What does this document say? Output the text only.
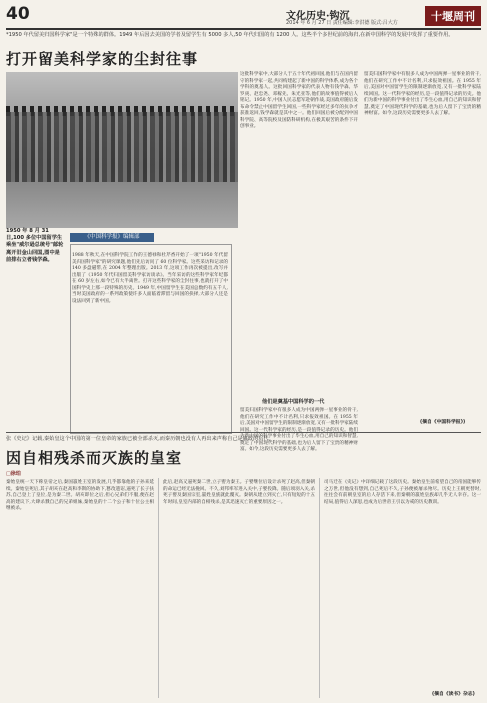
40	文化历史·钩沉
2014 年 6 月 27 日 责任编辑:李洪德 版式:吕大方	十堰周刊
*1950 年代留美归国科学家"是一个特殊的群体。1949 年后因去美国的学者及留学生有 5000 多人,50 年代归国的有 1200 人。这些半个多世纪前的海归,在新中国科学的发展中发挥了重要作用。
打开留美科学家的尘封往事
1950 年 8 月 31 日,100 多位中国留学生乘坐"威尔逊总统号"邮轮离开旧金山回国,图中是前排右立者钱学森。
《中国科学报》编辑部
1988 年秋天,在中国科学院工作的王德禄和杜芹香开始了一项"1950 年代留美归国科学家"的研究课题,他们先后访问了 60 位科学家。这些采访和记录的 140 多盘磁带,在 2004 年整理出版。2013 年,这项工作再次被提出,改写并出版了《1950 年代归国留美科学家访谈录》。当年采访的这些科学家年纪都在 60 岁左右,如今已有大半离世。打开这些科学家的尘封往事,也就打开了中国科学史上那一段特殊的历史。1949 年,中国留学生在美国总数约有五千人,当时美国政府的一系列政策使许多人面临着滞留与回国的抉择,大部分人还是设法回到了新中国。
这批科学家中,大部分人于五十年代初回国,他们与在国内留守的科学家一起,共同构建起了新中国的科学体系,成为各个学科的奠基人。这批回国科学家的代表人物有钱学森、华罗庚、赵忠尧、邓稼先、朱光亚等,他们的故事值得被后人铭记。1950 年,中国人民志愿军赴朝作战,美国政府随后发布命令禁止中国留学生回国,一些科学家经过多年的抗争才获准返回,钱学森就是其中之一。他们回国后被分配到中国科学院、高等院校及国防科研机构,在极其艰苦的条件下开创事业。
他们是奠基中国科学的一代
留美归国科学家中有很多人成为中国两弹一星事业的骨干,他们在研究工作中不计名利,只求报效祖国。在 1955 年后,美国对中国留学生的限制逐渐放宽,又有一批科学家陆续回国。这一代科学家的经历,是一段值得记录的历史。他们为新中国的科学事业付出了毕生心血,用自己的知识和智慧,奠定了中国现代科学的基础,也为后人留下了宝贵的精神财富。如今,这段历史需要更多人去了解。
留美归国科学家中有很多人成为中国两弹一星事业的骨干,他们在研究工作中不计名利,只求报效祖国。在 1955 年后,美国对中国留学生的限制逐渐放宽,又有一批科学家陆续回国。这一代科学家的经历,是一段值得记录的历史。他们为新中国的科学事业付出了毕生心血,用自己的知识和智慧,奠定了中国现代科学的基础,也为后人留下了宝贵的精神财富。如今,这段历史需要更多人去了解。
(摘自《中国科学报》)
张《史记》记载,秦始皇这个中国的第一位皇帝的家族已被全部杀灭,而秦历朝也没有人再出来声称自己是嬴政的后代。
因自相残杀而灭族的皇室
□徐珀
秦始皇统一天下称皇帝之后,秦国嬴姓王室的发展,几乎都靠他的子孙来延续。秦始皇死后,其子胡亥在赵高和李斯的协助下,篡改遗诏,逼死了长子扶苏,自己登上了皇位,是为秦二世。胡亥即位之后,担心兄弟们不服,便在赵高的建议下,大肆杀戮自己的兄弟姐妹,秦始皇的十二个公子和十位公主相继被杀。
此后,赵高又逼死秦二世,立子婴为秦王。子婴继位后设计杀死了赵高,但秦朝的命运已经无法挽回。不久,刘邦率军进入关中,子婴投降。随后项羽入关,杀死子婴及秦国宗室,嬴姓皇族就此覆灭。秦朝从建立到灭亡,只有短短的十五年时间,皇室内部的自相残杀,是其迅速灭亡的重要原因之一。
司马迁在《史记》中详细记载了这段历史。秦始皇生前希望自己的帝国能够传之万世,但他没有想到,自己死后不久,子孙便被屠杀殆尽。历史上王朝更替时,往往会有前朝皇室的后人存活下来,但秦朝的嬴姓皇族却几乎无人幸存。这一结局,值得后人深思,也成为后世帝王引以为戒的历史教训。
(摘自《读书》杂志)
